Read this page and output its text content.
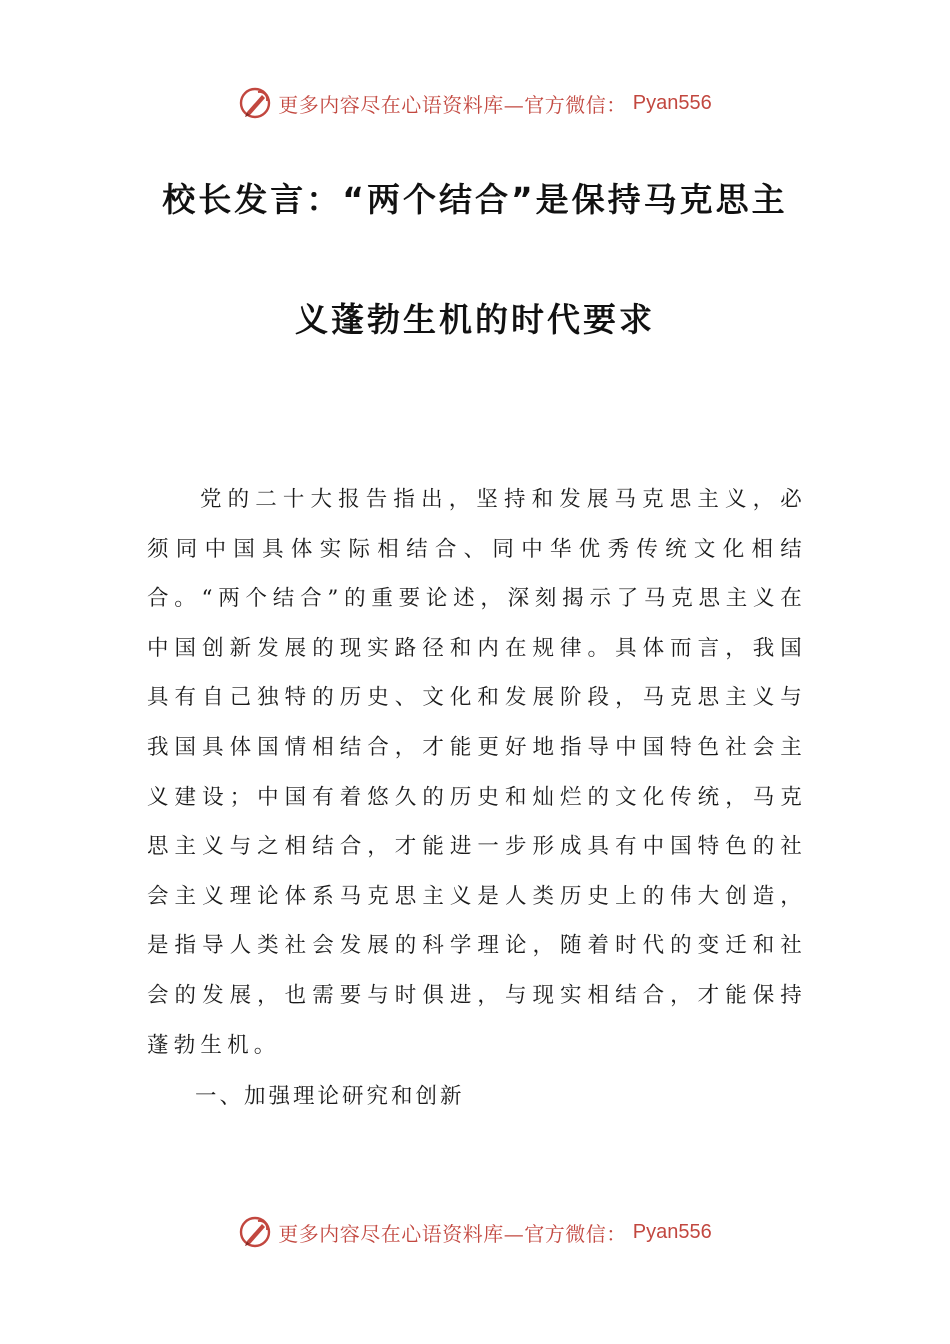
更多内容尽在心语资料库—官方微信： Pyan556
校长发言：“两个结合”是保持马克思主
义蓬勃生机的时代要求

党的二十大报告指出，坚持和发展马克思主义，必须同中国具体实际相结合、同中华优秀传统文化相结合。“两个结合”的重要论述，深刻揭示了马克思主义在中国创新发展的现实路径和内在规律。具体而言，我国具有自己独特的历史、文化和发展阶段，马克思主义与我国具体国情相结合，才能更好地指导中国特色社会主义建设；中国有着悠久的历史和灿烂的文化传统，马克思主义与之相结合，才能进一步形成具有中国特色的社会主义理论体系马克思主义是人类历史上的伟大创造，是指导人类社会发展的科学理论，随着时代的变迁和社会的发展，也需要与时俱进，与现实相结合，才能保持蓬勃生机。

一、加强理论研究和创新
更多内容尽在心语资料库—官方微信： Pyan556
